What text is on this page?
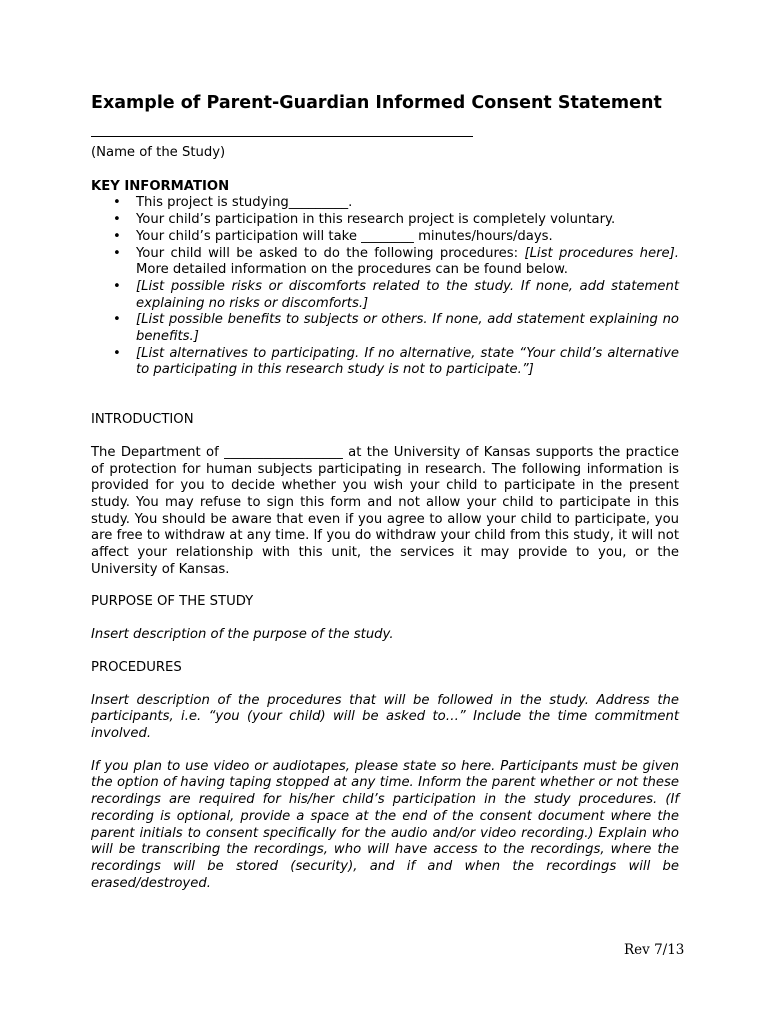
Example of Parent-Guardian Informed Consent Statement
(Name of the Study)
KEY INFORMATION
• This project is studying_________.
• Your child’s participation in this research project is completely voluntary.
• Your child’s participation will take ________ minutes/hours/days.
• Your child will be asked to do the following procedures: [List procedures here]. More detailed information on the procedures can be found below.
• [List possible risks or discomforts related to the study. If none, add statement explaining no risks or discomforts.]
• [List possible benefits to subjects or others. If none, add statement explaining no benefits.]
• [List alternatives to participating. If no alternative, state “Your child’s alternative to participating in this research study is not to participate.”]
INTRODUCTION

The Department of __________________ at the University of Kansas supports the practice of protection for human subjects participating in research. The following information is provided for you to decide whether you wish your child to participate in the present study. You may refuse to sign this form and not allow your child to participate in this study. You should be aware that even if you agree to allow your child to participate, you are free to withdraw at any time. If you do withdraw your child from this study, it will not affect your relationship with this unit, the services it may provide to you, or the University of Kansas.

PURPOSE OF THE STUDY

Insert description of the purpose of the study.

PROCEDURES

Insert description of the procedures that will be followed in the study. Address the participants, i.e. “you (your child) will be asked to…” Include the time commitment involved.

If you plan to use video or audiotapes, please state so here. Participants must be given the option of having taping stopped at any time. Inform the parent whether or not these recordings are required for his/her child’s participation in the study procedures. (If recording is optional, provide a space at the end of the consent document where the parent initials to consent specifically for the audio and/or video recording.) Explain who will be transcribing the recordings, who will have access to the recordings, where the recordings will be stored (security), and if and when the recordings will be erased/destroyed.

Rev 7/13
